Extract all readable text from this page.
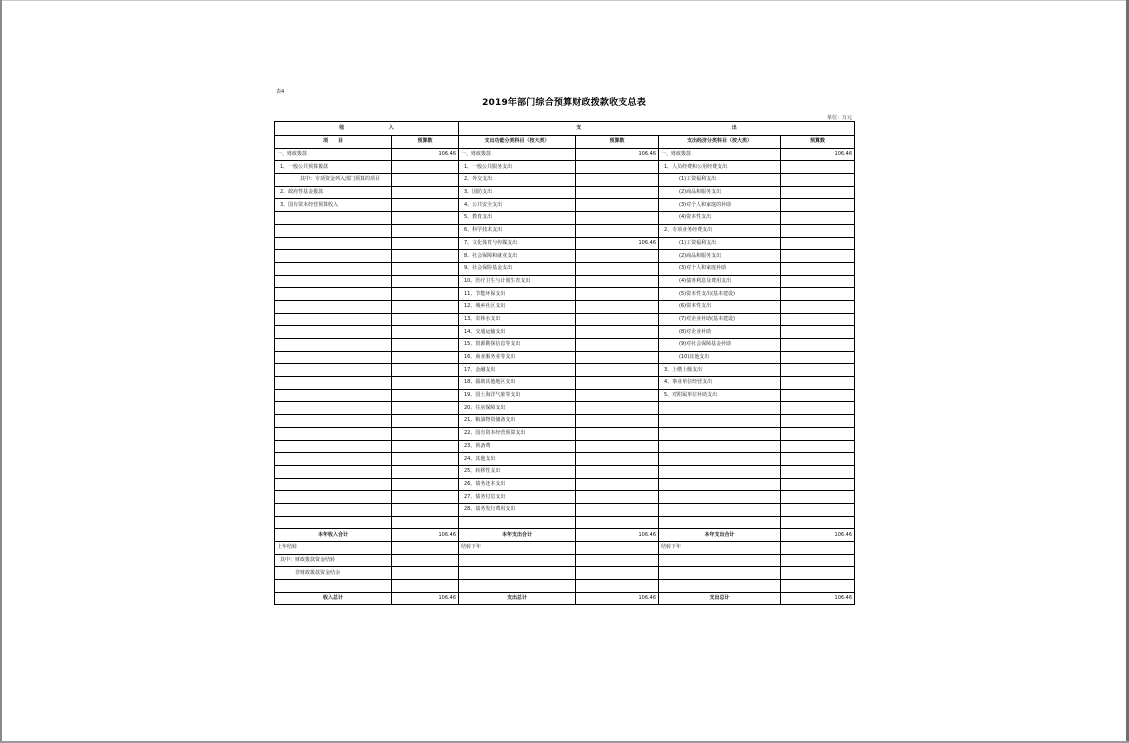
表4
2019年部门综合预算财政拨款收支总表
单位：万元
收 入		支 出			

项　　目	预算数	支出功能分类科目（按大类）	预算数	支出经济分类科目（按大类）	预算数
一、财政拨款	106.46	一、财政拨款	106.46	一、财政拨款	106.46
1、一般公共预算拨款		1、一般公共服务支出		1、人员经费和公用经费支出	
其中：专项资金列入部门预算的项目		2、外交支出		(1)工资福利支出	
2、政府性基金拨款		3、国防支出		(2)商品和服务支出	
3、国有资本经营预算收入		4、公共安全支出		(3)对个人和家庭的补助	
		5、教育支出		(4)资本性支出	
		6、科学技术支出		2、专项业务经费支出	
		7、文化体育与传媒支出	106.46	(1)工资福利支出	
		8、社会保障和就业支出		(2)商品和服务支出	
		9、社会保险基金支出		(3)对个人和家庭补助	
		10、医疗卫生与计划生育支出		(4)债务利息及费用支出	
		11、节能环保支出		(5)资本性支出(基本建设)	
		12、城乡社区支出		(6)资本性支出	
		13、农林水支出		(7)对企业补助(基本建设)	
		14、交通运输支出		(8)对企业补助	
		15、资源勘探信息等支出		(9)对社会保障基金补助	
		16、商业服务业等支出		(10)其他支出	
		17、金融支出		3、上缴上级支出	
		18、援助其他地区支出		4、事业单位经营支出	
		19、国土海洋气象等支出		5、对附属单位补助支出	
		20、住房保障支出			
		21、粮油物资储备支出			
		22、国有资本经营预算支出			
		23、预备费			
		24、其他支出			
		25、转移性支出			
		26、债务还本支出			
		27、债务付息支出			
		28、债务发行费用支出			

本年收入合计	106.46	本年支出合计	106.46	本年支出合计	106.46
上年结转		结转下年		结转下年	
其中：财政拨款资金结转					
非财政拨款资金结余					

收入总计	106.46	支出总计	106.46	支出总计	106.46
